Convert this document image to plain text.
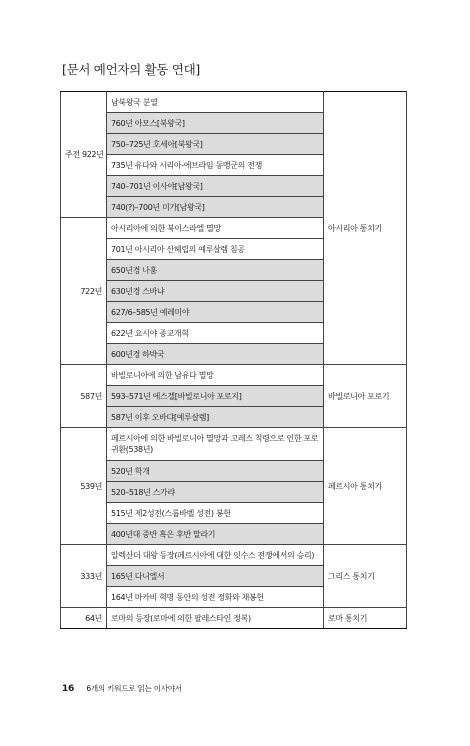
[문서 예언자의 활동 연대]
주전 922년	남북왕국 분열	아시리아 통치기
	760년 아모스[북왕국]	
	750–725년 호세아[북왕국]	
	735년 유다와 시리아-에브라임 동맹군의 전쟁	
	740–701년 이사야[남왕국]	
	740(?)–700년 미가[남왕국]	
722년	아시리아에 의한 북이스라엘 멸망	
	701년 아시리아 산헤립의 예루살렘 침공	
	650년경 나훔	
	630년경 스바냐	
	627/6–585년 예레미야	
	622년 요시야 종교개혁	
	600년경 하박국	
587년	바빌로니아에 의한 남유다 멸망	바빌로니아 포로기
	593–571년 에스겔[바빌로니아 포로지]	
	587년 이후 오바댜[예루살렘]	
539년	페르시아에 의한 바빌로니아 멸망과 고레스 칙령으로 인한 포로 귀환(538년)	페르시아 통치기
	520년 학개	
	520–518년 스가랴	
	515년 제2성전(스룹바벨 성전) 봉헌	
	400년대 중반 혹은 후반 말라기	
333년	알렉산더 대왕 등장(페르시아에 대한 잇수스 전쟁에서의 승리)	그리스 통치기
	165년 다니엘서	
	164년 마카비 혁명 동안의 성전 정화와 재봉헌	
64년	로마의 등장(로마에 의한 팔레스타인 정복)	로마 통치기
16 6개의 키워드로 읽는 이사야서
